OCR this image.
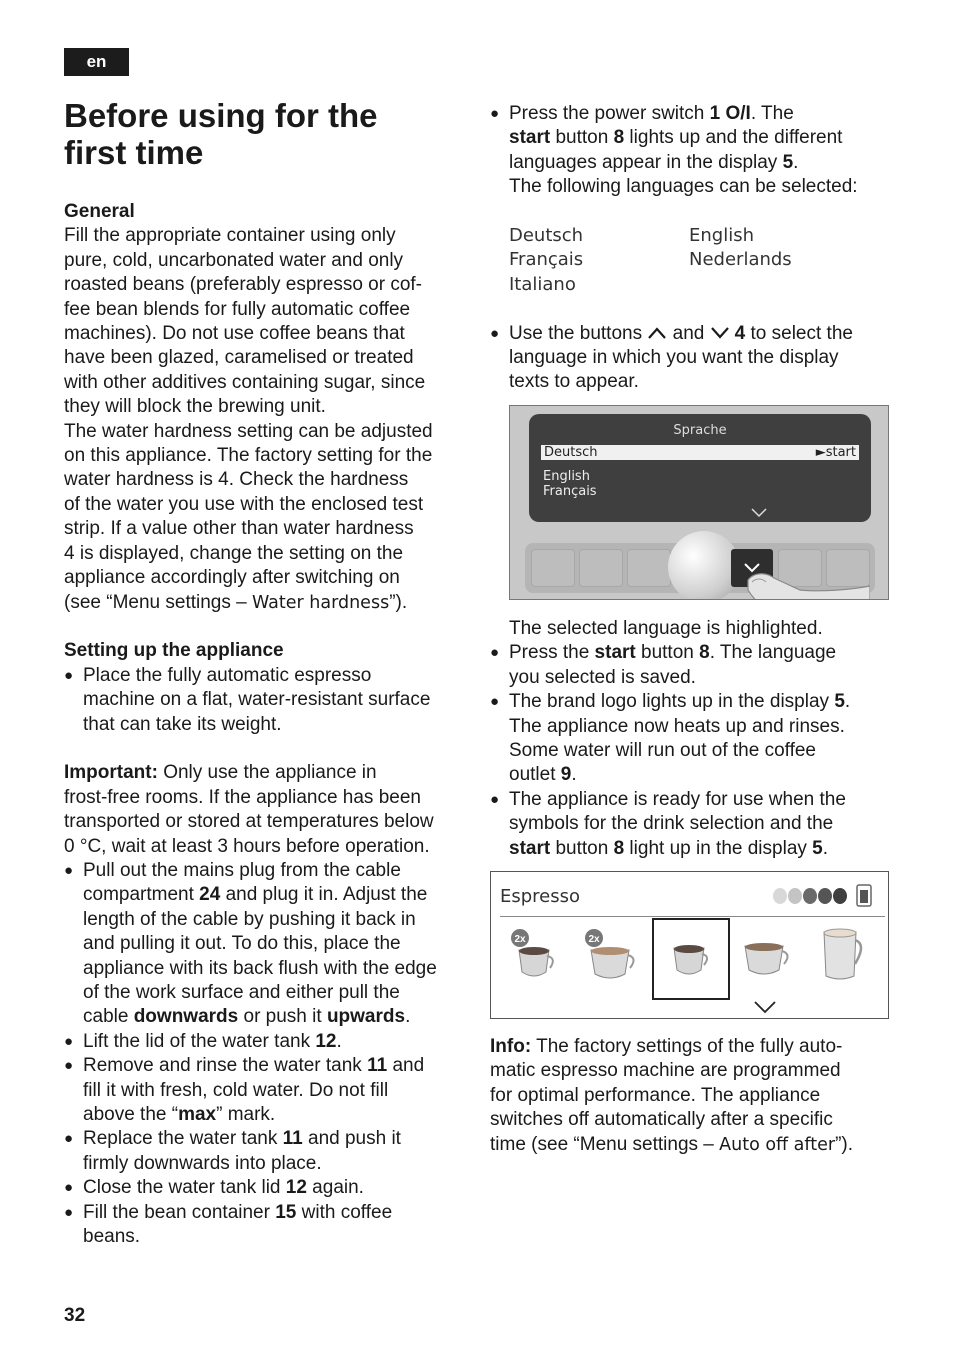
en
Before using for the
first time

General

Fill the appropriate container using only

pure, cold, uncarbonated water and only

roasted beans (preferably espresso or cof-

fee bean blends for fully automatic coffee

machines). Do not use coffee beans that

have been glazed, caramelised or treated

with other additives containing sugar, since

they will block the brewing unit.

The water hardness setting can be adjusted

on this appliance. The factory setting for the

water hardness is 4. Check the hardness

of the water you use with the enclosed test

strip. If a value other than water hardness

4 is displayed, change the setting on the

appliance accordingly after switching on

(see “Menu settings – Water hardness”).

Setting up the appliance

● Place the fully automatic espresso

machine on a flat, water-resistant surface

that can take its weight.

Important: Only use the appliance in

frost-free rooms. If the appliance has been

transported or stored at temperatures below

0 °C, wait at least 3 hours before operation.

● Pull out the mains plug from the cable

compartment 24 and plug it in. Adjust the

length of the cable by pushing it back in

and pulling it out. To do this, place the

appliance with its back flush with the edge

of the work surface and either pull the

cable downwards or push it upwards.

● Lift the lid of the water tank 12.

● Remove and rinse the water tank 11 and

fill it with fresh, cold water. Do not fill

above the “max” mark.

● Replace the water tank 11 and push it

firmly downwards into place.

● Close the water tank lid 12 again.

● Fill the bean container 15 with coffee

beans.

● Press the power switch 1 O/I. The

start button 8 lights up and the different

languages appear in the display 5.

The following languages can be selected:

Deutsch	English
Français	Nederlands
Italiano

● Use the buttons  and 4 to select the

language in which you want the display

texts to appear.

Sprache
Deutsch	►start
English
Français

The selected language is highlighted.

● Press the start button 8. The language

you selected is saved.

● The brand logo lights up in the display 5.

The appliance now heats up and rinses.

Some water will run out of the coffee

outlet 9.

● The appliance is ready for use when the

symbols for the drink selection and the

start button 8 light up in the display 5.

Espresso
2x	2x

Info: The factory settings of the fully auto-

matic espresso machine are programmed

for optimal performance. The appliance

switches off automatically after a specific

time (see “Menu settings – Auto off after”).

32
